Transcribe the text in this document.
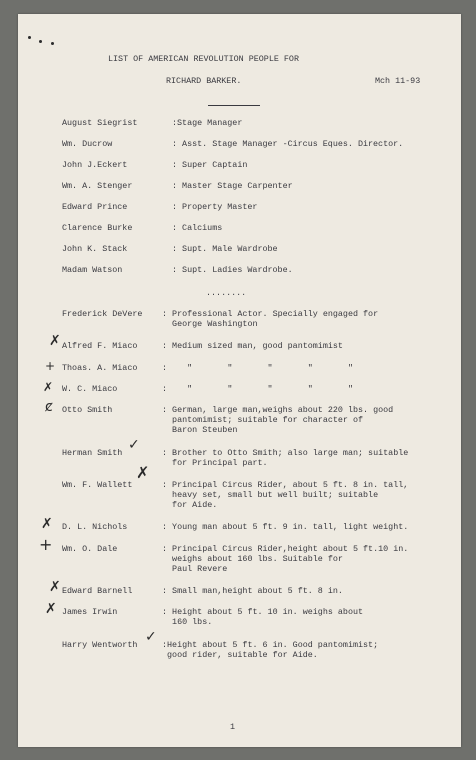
LIST OF AMERICAN REVOLUTION PEOPLE FOR
RICHARD BARKER.	Mch 11-93
August Siegrist	:Stage Manager
Wm. Ducrow	: Asst. Stage Manager -Circus Eques. Director.
John J.Eckert	: Super Captain
Wm. A. Stenger	: Master Stage Carpenter
Edward Prince	: Property Master
Clarence Burke	: Calciums
John K. Stack	: Supt. Male Wardrobe
Madam Watson	: Supt. Ladies Wardrobe.
........
Frederick DeVere : Professional Actor. Specially engaged for
George Washington
Alfred F. Miaco	: Medium sized man, good pantomimist
Thoas. A. Miaco	:    "       "       "       "       "
W. C. Miaco	:    "       "       "       "       "
Otto Smith	: German, large man,weighs about 220 lbs. good
pantomimist; suitable for character of
Baron Steuben
Herman Smith	: Brother to Otto Smith; also large man; suitable
for Principal part.
Wm. F. Wallett	: Principal Circus Rider, about 5 ft. 8 in. tall,
heavy set, small but well built; suitable
for Aide.
D. L. Nichols	: Young man about 5 ft. 9 in. tall, light weight.
Wm. O. Dale	: Principal Circus Rider,height about 5 ft.10 in.
weighs about 160 lbs. Suitable for
Paul Revere
Edward Barnell	: Small man,height about 5 ft. 8 in.
James Irwin	: Height about 5 ft. 10 in. weighs about
160 lbs.
Harry Wentworth	:Height about 5 ft. 6 in. Good pantomimist;
good rider, suitable for Aide.
✗
+
✗
ȼ
✓
✗
✗
+
✗
✗
✓
1
